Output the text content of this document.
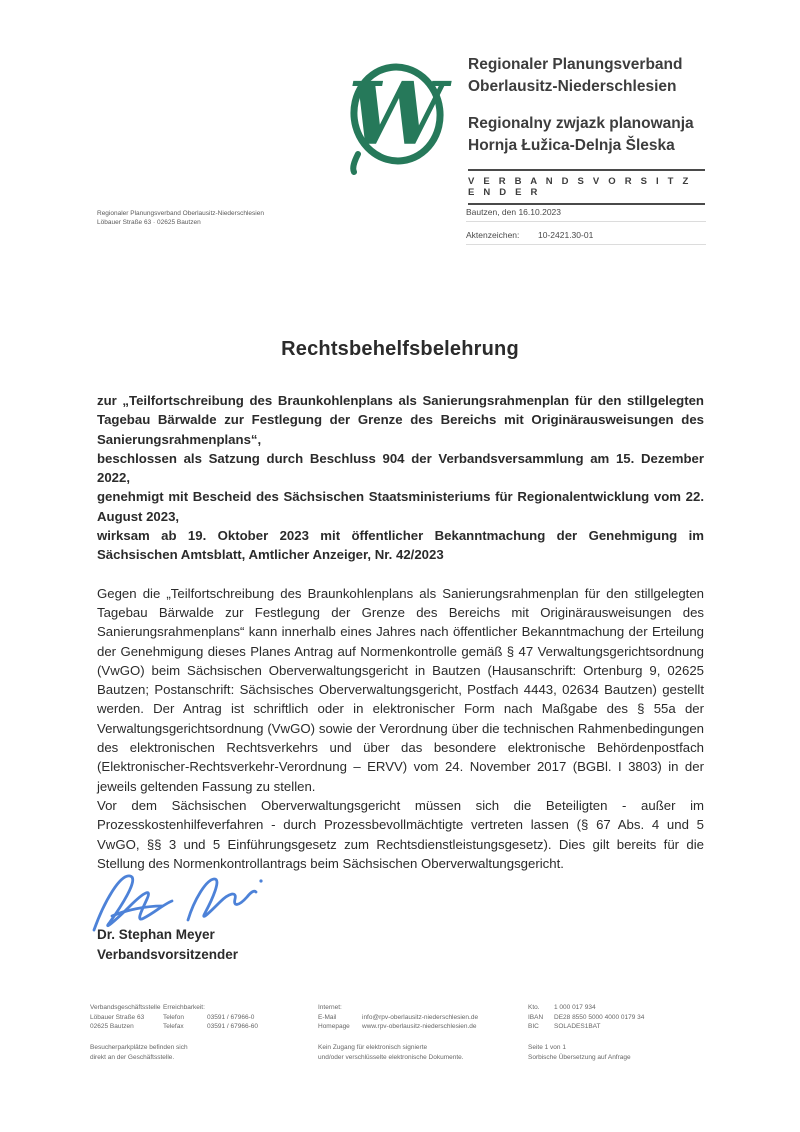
W	Regionaler Planungsverband
Oberlausitz-Niederschlesien
Regionalny zwjazk planowanja
Hornja Łužica-Delnja Šleska
V E R B A N D S V O R S I T Z E N D E R
Regionaler Planungsverband Oberlausitz-Niederschlesien
Löbauer Straße 63 · 02625 Bautzen
Bautzen, den 16.10.2023
Aktenzeichen:	10-2421.30-01
Rechtsbehelfsbelehrung
zur „Teilfortschreibung des Braunkohlenplans als Sanierungsrahmenplan für den stillgelegten Tagebau Bärwalde zur Festlegung der Grenze des Bereichs mit Originärausweisungen des Sanierungsrahmenplans“,
beschlossen als Satzung durch Beschluss 904 der Verbandsversammlung am 15. Dezember 2022,
genehmigt mit Bescheid des Sächsischen Staatsministeriums für Regionalentwicklung vom 22. August 2023,
wirksam ab 19. Oktober 2023 mit öffentlicher Bekanntmachung der Genehmigung im Sächsischen Amtsblatt, Amtlicher Anzeiger, Nr. 42/2023
Gegen die „Teilfortschreibung des Braunkohlenplans als Sanierungsrahmenplan für den stillgelegten Tagebau Bärwalde zur Festlegung der Grenze des Bereichs mit Originärausweisungen des Sanierungsrahmenplans“ kann innerhalb eines Jahres nach öffentlicher Bekanntmachung der Erteilung der Genehmigung dieses Planes Antrag auf Normenkontrolle gemäß § 47 Verwaltungsgerichtsordnung (VwGO) beim Sächsischen Oberverwaltungsgericht in Bautzen (Hausanschrift: Ortenburg 9, 02625 Bautzen; Postanschrift: Sächsisches Oberverwaltungsgericht, Postfach 4443, 02634 Bautzen) gestellt werden. Der Antrag ist schriftlich oder in elektronischer Form nach Maßgabe des § 55a der Verwaltungsgerichtsordnung (VwGO) sowie der Verordnung über die technischen Rahmenbedingungen des elektronischen Rechtsverkehrs und über das besondere elektronische Behördenpostfach (Elektronischer-Rechtsverkehr-Verordnung – ERVV) vom 24. November 2017 (BGBl. I 3803) in der jeweils geltenden Fassung zu stellen.
Vor dem Sächsischen Oberverwaltungsgericht müssen sich die Beteiligten - außer im Prozesskostenhilfeverfahren - durch Prozessbevollmächtigte vertreten lassen (§ 67 Abs. 4 und 5 VwGO, §§ 3 und 5 Einführungsgesetz zum Rechtsdienstleistungsgesetz). Dies gilt bereits für die Stellung des Normenkontrollantrags beim Sächsischen Oberverwaltungsgericht.
Dr. Stephan Meyer
Verbandsvorsitzender
Verbandsgeschäftsstelle
Löbauer Straße 63
02625 Bautzen
Erreichbarkeit:
Telefon	03591 / 67966-0
Telefax	03591 / 67966-60
Internet:
E-Mail	info@rpv-oberlausitz-niederschlesien.de
Homepage	www.rpv-oberlausitz-niederschlesien.de
Kto.	1 000 017 934
IBAN	DE28 8550 5000 4000 0179 34
BIC	SOLADES1BAT
Besucherparkplätze befinden sich
direkt an der Geschäftsstelle.
Kein Zugang für elektronisch signierte
und/oder verschlüsselte elektronische Dokumente.
Seite 1 von 1
Sorbische Übersetzung auf Anfrage
